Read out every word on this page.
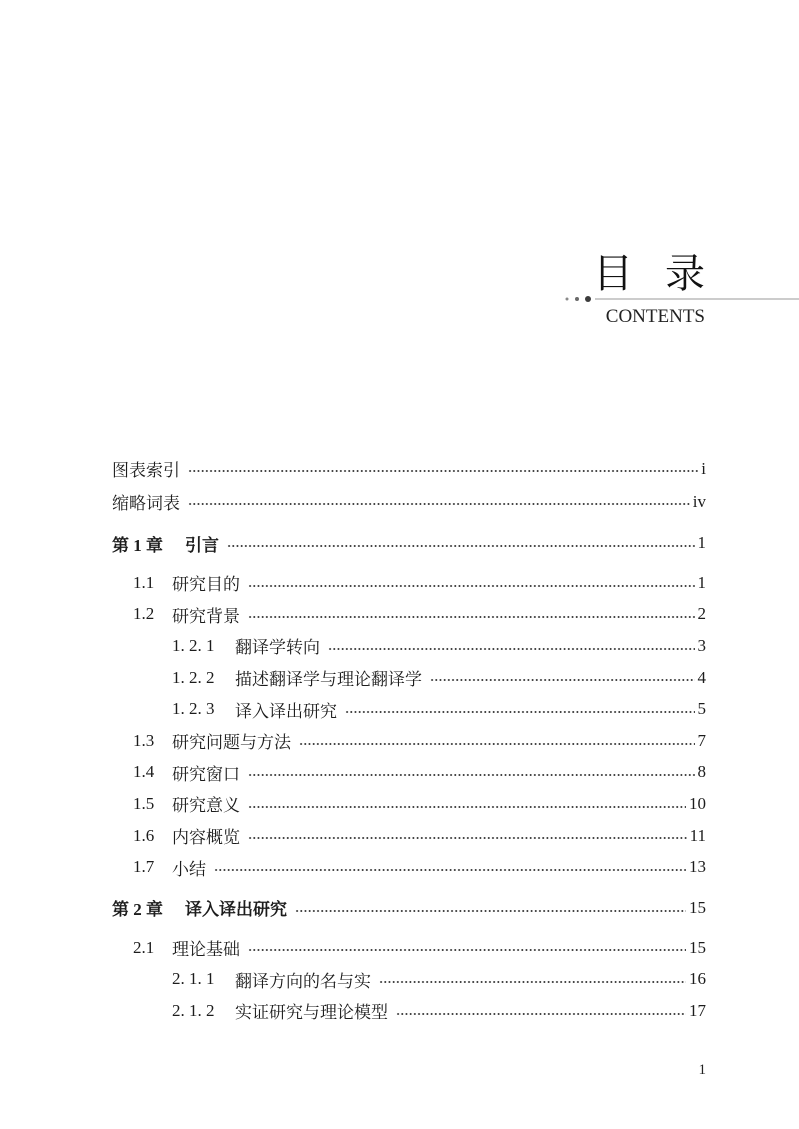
目 录
CONTENTS
图表索引	i
缩略词表	iv
第 1 章	引言	1
1.1	研究目的	1
1.2	研究背景	2
1. 2. 1	翻译学转向	3
1. 2. 2	描述翻译学与理论翻译学	4
1. 2. 3	译入译出研究	5
1.3	研究问题与方法	7
1.4	研究窗口	8
1.5	研究意义	10
1.6	内容概览	11
1.7	小结	13
第 2 章	译入译出研究	15
2.1	理论基础	15
2. 1. 1	翻译方向的名与实	16
2. 1. 2	实证研究与理论模型	17
1
